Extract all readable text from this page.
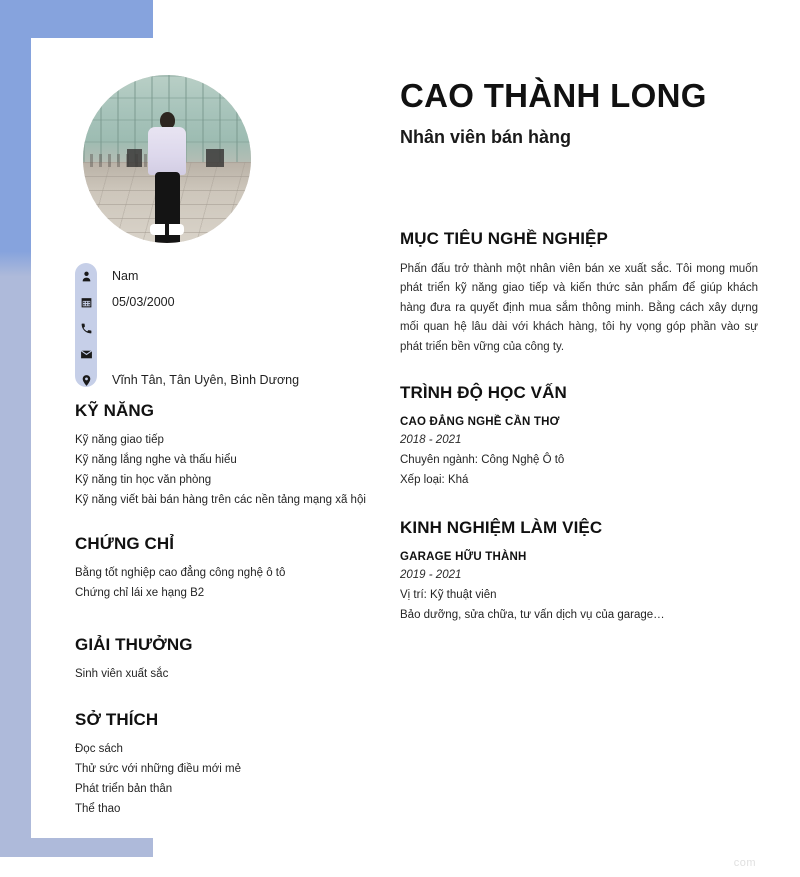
Nam
05/03/2000
Vĩnh Tân, Tân Uyên, Bình Dương
KỸ NĂNG
Kỹ năng giao tiếp
Kỹ năng lắng nghe và thấu hiểu
Kỹ năng tin học văn phòng
Kỹ năng viết bài bán hàng trên các nền tảng mạng xã hội
CHỨNG CHỈ
Bằng tốt nghiệp cao đẳng công nghệ ô tô
Chứng chỉ lái xe hạng B2
GIẢI THƯỞNG
Sinh viên xuất sắc
SỞ THÍCH
Đọc sách
Thử sức với những điều mới mẻ
Phát triển bản thân
Thể thao
CAO THÀNH LONG
Nhân viên bán hàng
MỤC TIÊU NGHỀ NGHIỆP

Phấn đấu trở thành một nhân viên bán xe xuất sắc. Tôi mong muốn phát triển kỹ năng giao tiếp và kiến thức sản phẩm để giúp khách hàng đưa ra quyết định mua sắm thông minh. Bằng cách xây dựng mối quan hệ lâu dài với khách hàng, tôi hy vọng góp phần vào sự phát triển bền vững của công ty.

TRÌNH ĐỘ HỌC VẤN
CAO ĐẲNG NGHỀ CẦN THƠ
2018 - 2021
Chuyên ngành: Công Nghệ Ô tô
Xếp loại: Khá
KINH NGHIỆM LÀM VIỆC
GARAGE HỮU THÀNH
2019 - 2021
Vị trí: Kỹ thuật viên
Bảo dưỡng, sửa chữa, tư vấn dịch vụ của garage…
com
